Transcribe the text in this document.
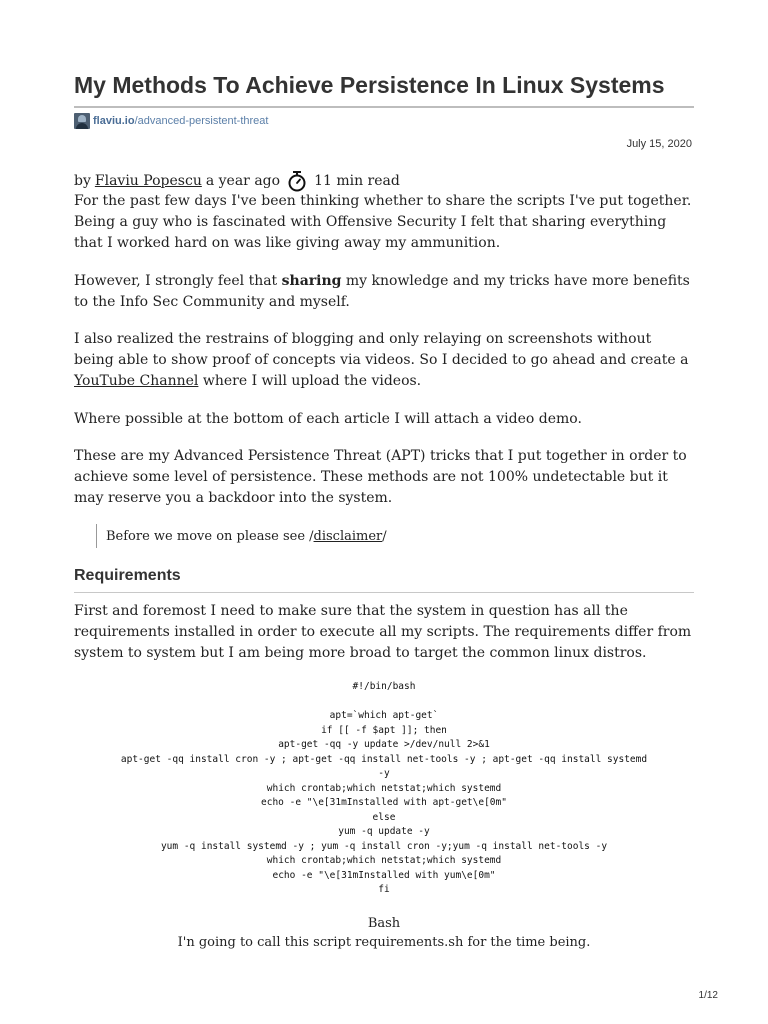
My Methods To Achieve Persistence In Linux Systems
flaviu.io /advanced-persistent-threat
July 15, 2020
by Flaviu Popescu a year ago 11 min read

For the past few days I've been thinking whether to share the scripts I've put together. Being a guy who is fascinated with Offensive Security I felt that sharing everything that I worked hard on was like giving away my ammunition.

However, I strongly feel that sharing my knowledge and my tricks have more benefits to the Info Sec Community and myself.

I also realized the restrains of blogging and only relaying on screenshots without being able to show proof of concepts via videos. So I decided to go ahead and create a YouTube Channel where I will upload the videos.

Where possible at the bottom of each article I will attach a video demo.

These are my Advanced Persistence Threat (APT) tricks that I put together in order to achieve some level of persistence. These methods are not 100% undetectable but it may reserve you a backdoor into the system.

Before we move on please see / disclaimer /
Requirements

First and foremost I need to make sure that the system in question has all the requirements installed in order to execute all my scripts. The requirements differ from system to system but I am being more broad to target the common linux distros.

#!/bin/bash
apt=`which apt-get`
if [[ -f $apt ]]; then
apt-get -qq -y update >/dev/null 2>&1
apt-get -qq install cron -y ; apt-get -qq install net-tools -y ; apt-get -qq install systemd
-y
which crontab;which netstat;which systemd
echo -e "\e[31mInstalled with apt-get\e[0m"
else
yum -q update -y
yum -q install systemd -y ; yum -q install cron -y;yum -q install net-tools -y
which crontab;which netstat;which systemd
echo -e "\e[31mInstalled with yum\e[0m"
fi
Bash
I'n going to call this script requirements.sh for the time being.
1/12
